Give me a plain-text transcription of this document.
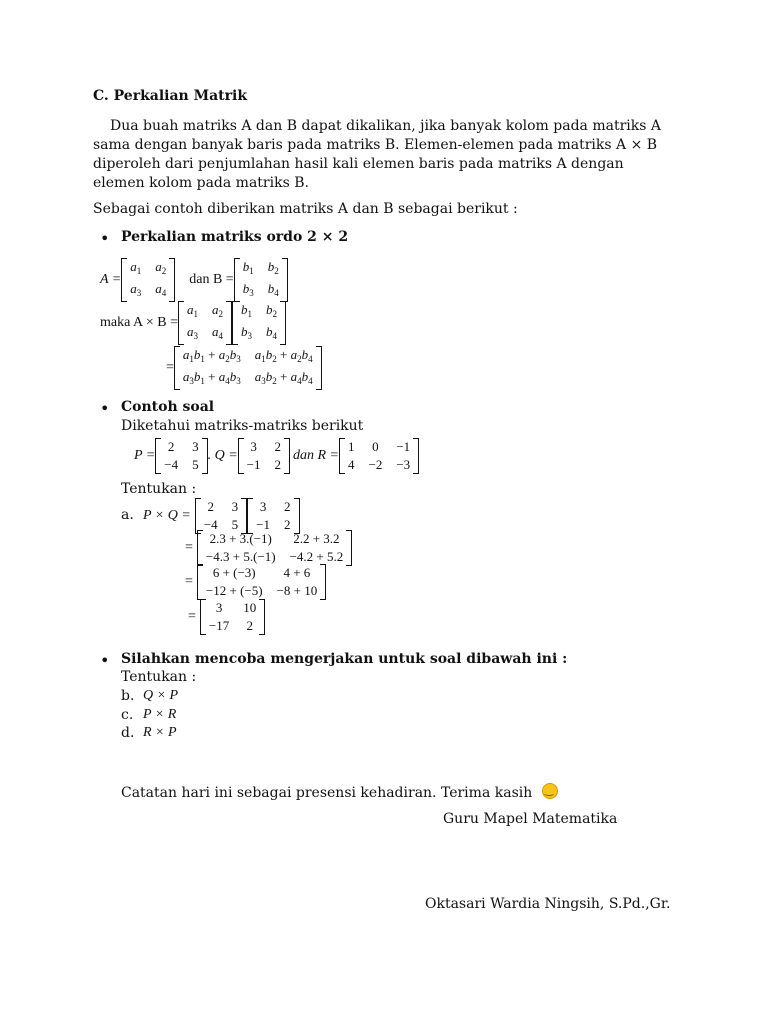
C. Perkalian Matrik
Dua buah matriks A dan B dapat dikalikan, jika banyak kolom pada matriks A sama dengan banyak baris pada matriks B. Elemen-elemen pada matriks A × B diperoleh dari penjumlahan hasil kali elemen baris pada matriks A dengan elemen kolom pada matriks B.
Sebagai contoh diberikan matriks A dan B sebagai berikut :
• Perkalian matriks ordo 2 × 2
A =
$a_1$	$a_2$
$a_3$	$a_4$
dan B =
$b_1$	$b_2$
$b_3$	$b_4$
maka A × B =
$a_1$	$a_2$
$a_3$	$a_4$
$b_1$	$b_2$
$b_3$	$b_4$
=
$a_1b_1 + a_2b_3$	$a_1b_2 + a_2b_4$
$a_3b_1 + a_4b_3$	$a_3b_2 + a_4b_4$
• Contoh soal
Diketahui matriks-matriks berikut
P =
2	3
−4	5
. Q =
3	2
−1	2
dan R =
1	0	−1
4	−2	−3
Tentukan :
a. P × Q =
2	3
−4	5
3	2
−1	2
=
2.3 + 3.(−1)	2.2 + 3.2
−4.3 + 5.(−1)	−4.2 + 5.2
=
6 + (−3)	4 + 6
−12 + (−5)	−8 + 10
=
3	10
−17	2
• Silahkan mencoba mengerjakan untuk soal dibawah ini :
Tentukan :
b. Q × P
c. P × R
d. R × P
Catatan hari ini sebagai presensi kehadiran. Terima kasih ‿
Guru Mapel Matematika
Oktasari Wardia Ningsih, S.Pd.,Gr.
